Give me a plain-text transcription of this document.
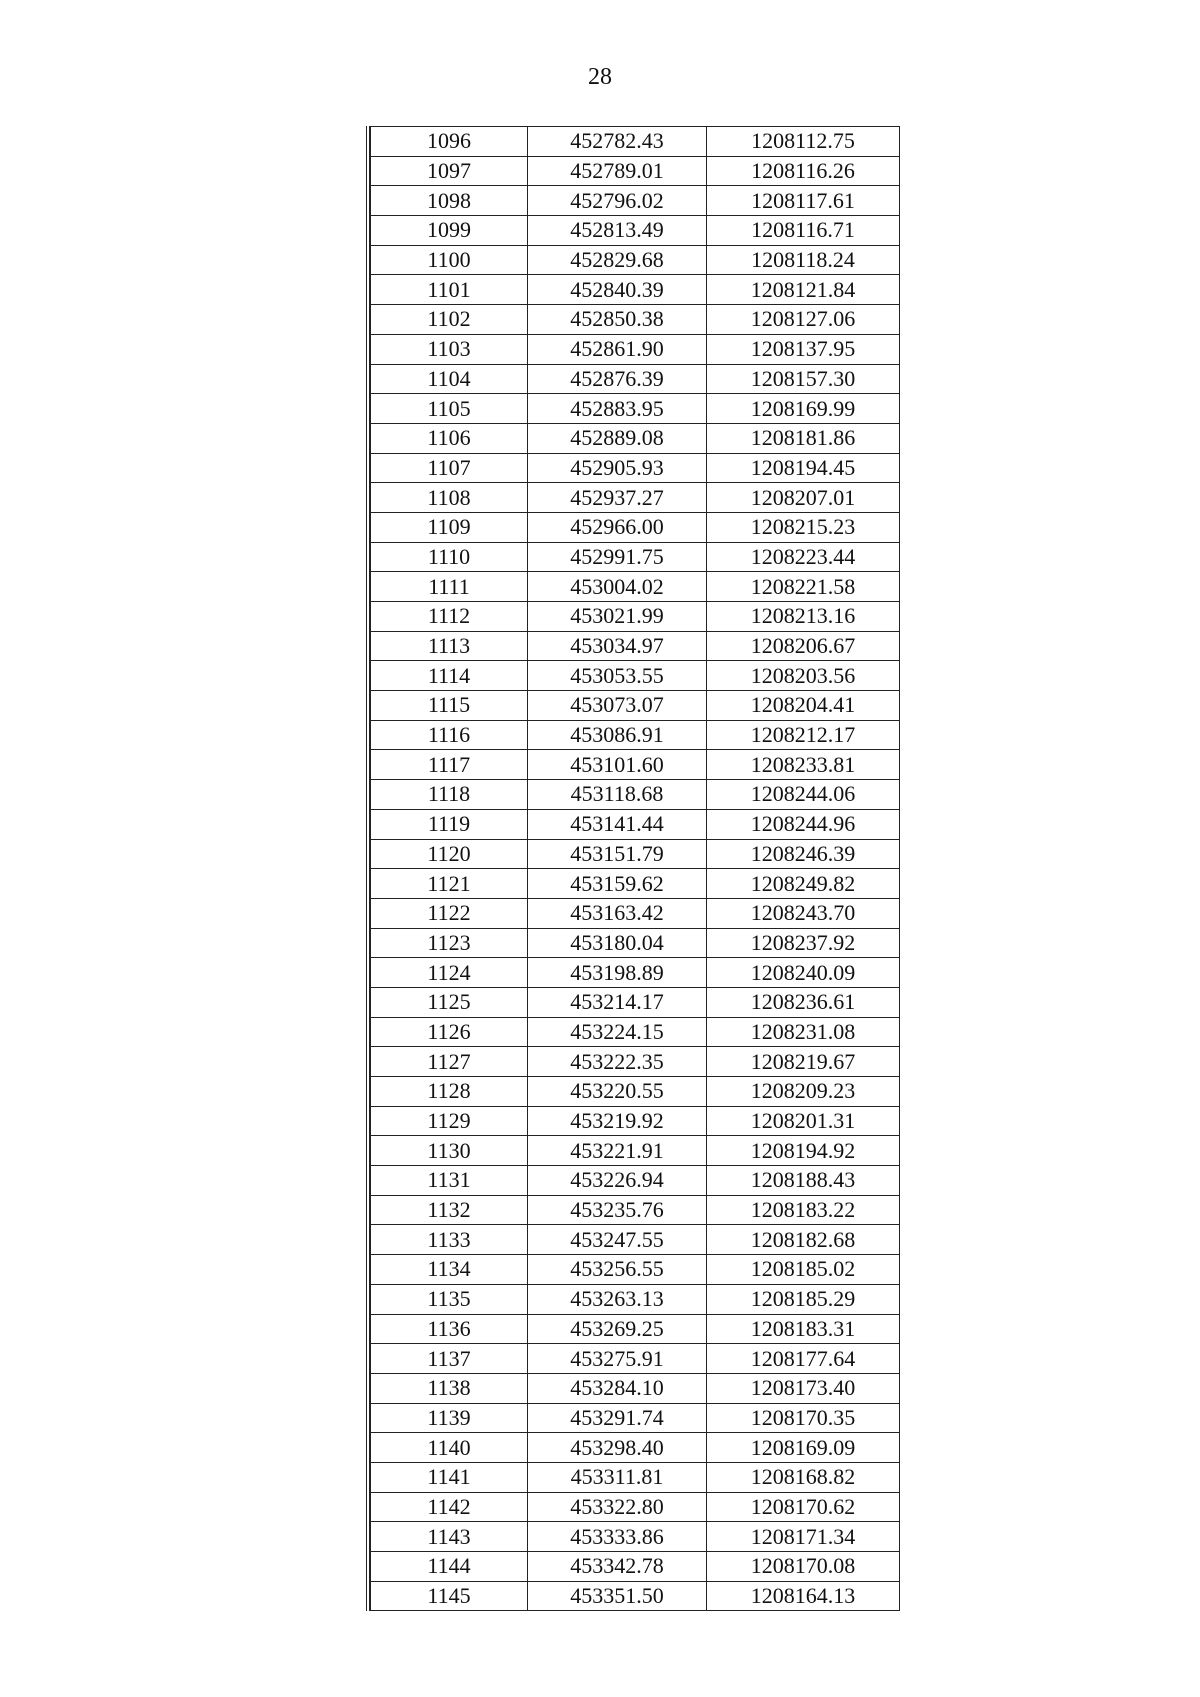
28
1096	452782.43	1208112.75
1097	452789.01	1208116.26
1098	452796.02	1208117.61
1099	452813.49	1208116.71
1100	452829.68	1208118.24
1101	452840.39	1208121.84
1102	452850.38	1208127.06
1103	452861.90	1208137.95
1104	452876.39	1208157.30
1105	452883.95	1208169.99
1106	452889.08	1208181.86
1107	452905.93	1208194.45
1108	452937.27	1208207.01
1109	452966.00	1208215.23
1110	452991.75	1208223.44
1111	453004.02	1208221.58
1112	453021.99	1208213.16
1113	453034.97	1208206.67
1114	453053.55	1208203.56
1115	453073.07	1208204.41
1116	453086.91	1208212.17
1117	453101.60	1208233.81
1118	453118.68	1208244.06
1119	453141.44	1208244.96
1120	453151.79	1208246.39
1121	453159.62	1208249.82
1122	453163.42	1208243.70
1123	453180.04	1208237.92
1124	453198.89	1208240.09
1125	453214.17	1208236.61
1126	453224.15	1208231.08
1127	453222.35	1208219.67
1128	453220.55	1208209.23
1129	453219.92	1208201.31
1130	453221.91	1208194.92
1131	453226.94	1208188.43
1132	453235.76	1208183.22
1133	453247.55	1208182.68
1134	453256.55	1208185.02
1135	453263.13	1208185.29
1136	453269.25	1208183.31
1137	453275.91	1208177.64
1138	453284.10	1208173.40
1139	453291.74	1208170.35
1140	453298.40	1208169.09
1141	453311.81	1208168.82
1142	453322.80	1208170.62
1143	453333.86	1208171.34
1144	453342.78	1208170.08
1145	453351.50	1208164.13
